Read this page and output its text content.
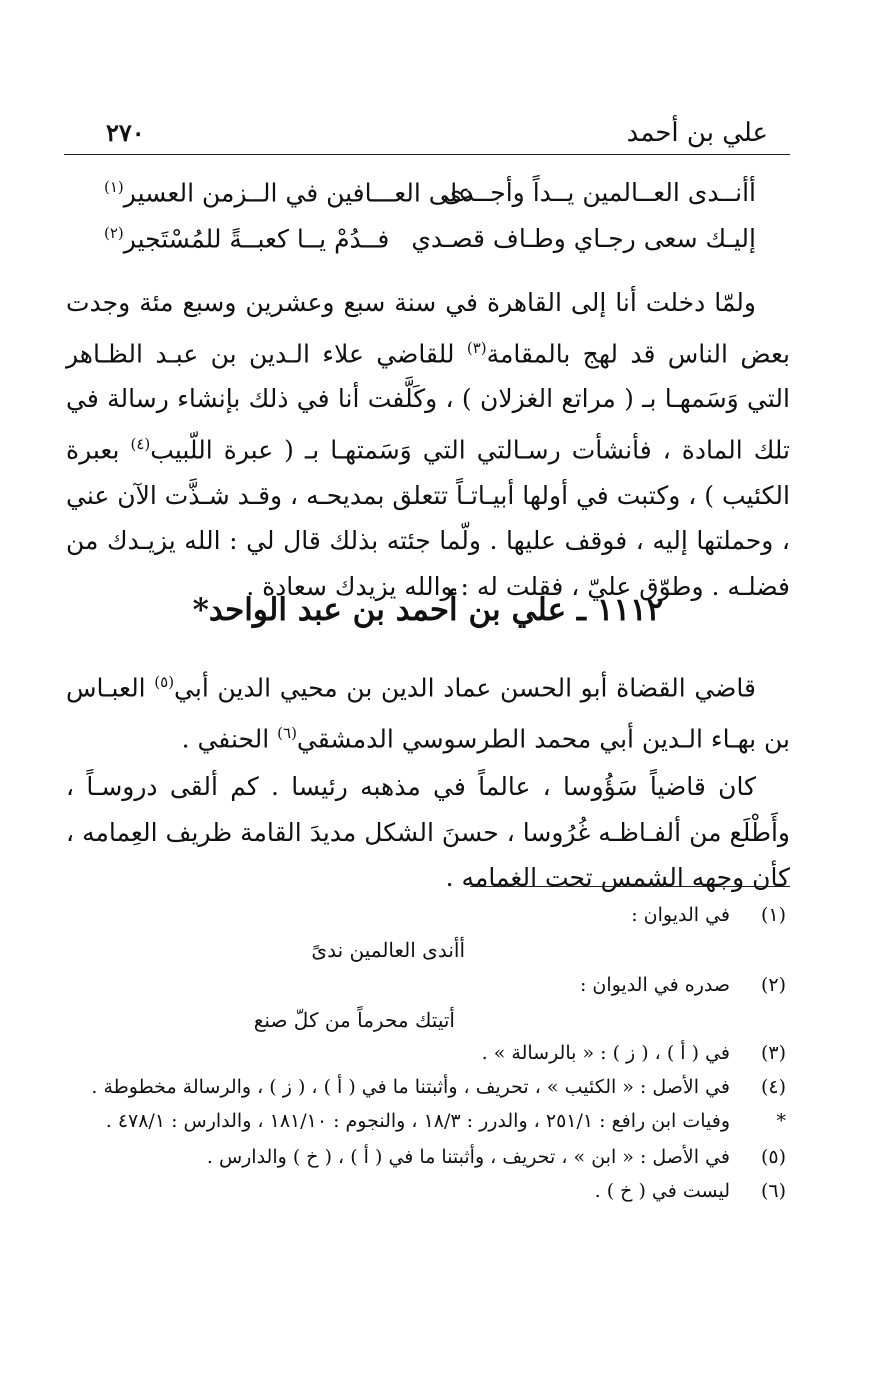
علي بن أحمد
٢٧٠
أأنــدى العــالمين يــداً وأجــدى
على العـــافين في الــزمن العسير$^{(١)}$
إليـك سعى رجـاي وطـاف قصـدي
فــدُمْ يــا كعبــةً للمُسْتَجير$^{(٢)}$
ولمّا دخلت أنا إلى القاهرة في سنة سبع وعشرين وسبع مئة وجدت بعض الناس قد لهج بالمقامة$^{(٣)}$ للقاضي علاء الـدين بن عبـد الظـاهر التي وَسَمهـا بـ ( مراتع الغزلان ) ، وكَلَّفت أنا في ذلك بإنشاء رسالة في تلك المادة ، فأنشأت رسـالتي التي وَسَمتهـا بـ ( عبرة اللّبيب$^{(٤)}$ بعبرة الكئيب ) ، وكتبت في أولها أبيـاتـاً تتعلق بمديحـه ، وقـد شـذَّت الآن عني ، وحملتها إليه ، فوقف عليها . ولّما جئته بذلك قال لي : الله يزيـدك من فضلـه . وطوّق عليّ ، فقلت له : والله يزيدك سعادة .
١١١٢ ـ علي بن أحمد بن عبد الواحد*
قاضي القضاة أبو الحسن عماد الدين بن محيي الدين أبي$^{(٥)}$ العبـاس بن بهـاء الـدين أبي محمد الطرسوسي الدمشقي$^{(٦)}$ الحنفي .
كان قاضياً سَؤُوسا ، عالماً في مذهبه رئيسا . كم ألقى دروسـاً ، وأَطْلَع من ألفـاظـه غُرُوسا ، حسنَ الشكل مديدَ القامة ظريف العِمامه ، كأن وجهه الشمس تحت الغمامه .
(١)
في الديوان :
أأندى العالمين ندىً
(٢)
صدره في الديوان :
أتيتك محرماً من كلّ صنع
(٣)
في ( أ ) ، ( ز ) : « بالرسالة » .
(٤)
في الأصل : « الكئيب » ، تحريف ، وأثبتنا ما في ( أ ) ، ( ز ) ، والرسالة مخطوطة .
*
وفيات ابن رافع : ٢٥١/١ ، والدرر : ١٨/٣ ، والنجوم : ١٨١/١٠ ، والدارس : ٤٧٨/١ .
(٥)
في الأصل : « ابن » ، تحريف ، وأثبتنا ما في ( أ ) ، ( خ ) والدارس .
(٦)
ليست في ( خ ) .
